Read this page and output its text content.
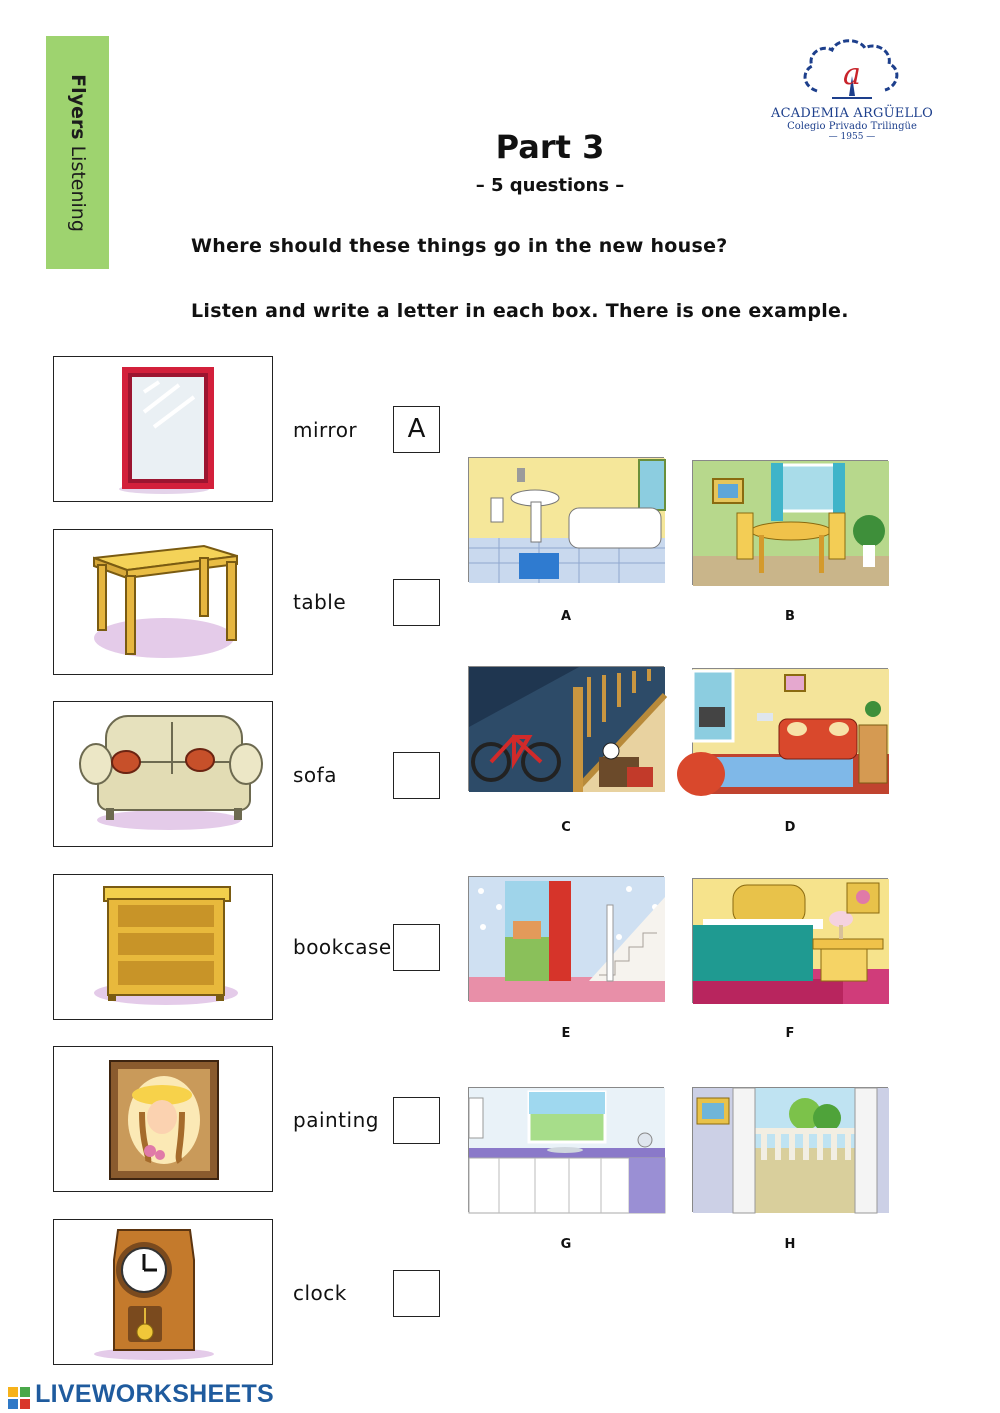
Flyers Listening
a
ACADEMIA ARGÜELLO
Colegio Privado Trilingüe
— 1955 —
Part 3
– 5 questions –
Where should these things go in the new house?
Listen and write a letter in each box. There is one example.
mirror	A
table
sofa
bookcase
painting
clock
A	B
C	D
E	F
G	H
LIVEWORKSHEETS
